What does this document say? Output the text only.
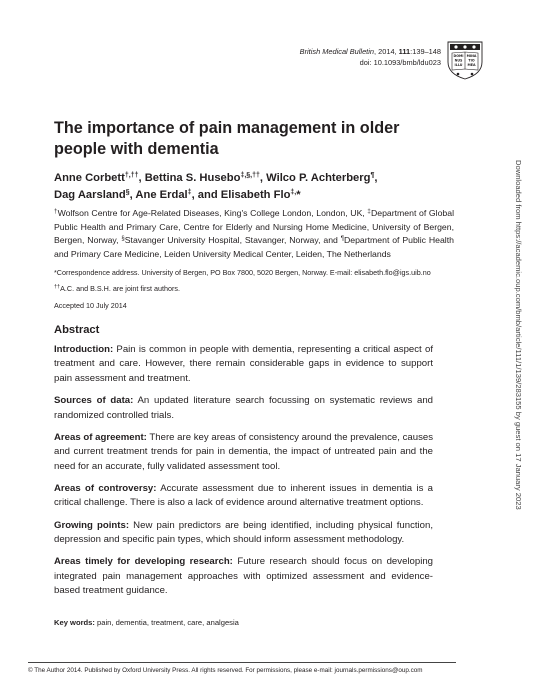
British Medical Bulletin, 2014, 111:139–148
doi: 10.1093/bmb/ldu023
DOMI
NUS
ILLU
MINA
TIO
MEA
The importance of pain management in older people with dementia
Anne Corbett†,††, Bettina S. Husebo‡,§,††, Wilco P. Achterberg¶,
Dag Aarsland§, Ane Erdal‡, and Elisabeth Flo‡,*
†Wolfson Centre for Age-Related Diseases, King's College London, London, UK, ‡Department of Global Public Health and Primary Care, Centre for Elderly and Nursing Home Medicine, University of Bergen, Bergen, Norway, §Stavanger University Hospital, Stavanger, Norway, and ¶Department of Public Health and Primary Care Medicine, Leiden University Medical Center, Leiden, The Netherlands
*Correspondence address. University of Bergen, PO Box 7800, 5020 Bergen, Norway. E-mail: elisabeth.flo@igs.uib.no
††A.C. and B.S.H. are joint first authors.
Accepted 10 July 2014
Abstract

Introduction: Pain is common in people with dementia, representing a critical aspect of treatment and care. However, there remain considerable gaps in evidence to support pain assessment and treatment.

Sources of data: An updated literature search focussing on systematic reviews and randomized controlled trials.

Areas of agreement: There are key areas of consistency around the prevalence, causes and current treatment trends for pain in dementia, the impact of untreated pain and the need for an accurate, fully validated assessment tool.

Areas of controversy: Accurate assessment due to inherent issues in dementia is a critical challenge. There is also a lack of evidence around alternative treatment options.

Growing points: New pain predictors are being identified, including physical function, depression and specific pain types, which should inform assessment methodology.

Areas timely for developing research: Future research should focus on developing integrated pain management approaches with optimized assessment and evidence-based treatment guidance.

Key words: pain, dementia, treatment, care, analgesia
© The Author 2014. Published by Oxford University Press. All rights reserved. For permissions, please e-mail: journals.permissions@oup.com
Downloaded from https://academic.oup.com/bmb/article/111/1/139/283155 by guest on 17 January 2023
